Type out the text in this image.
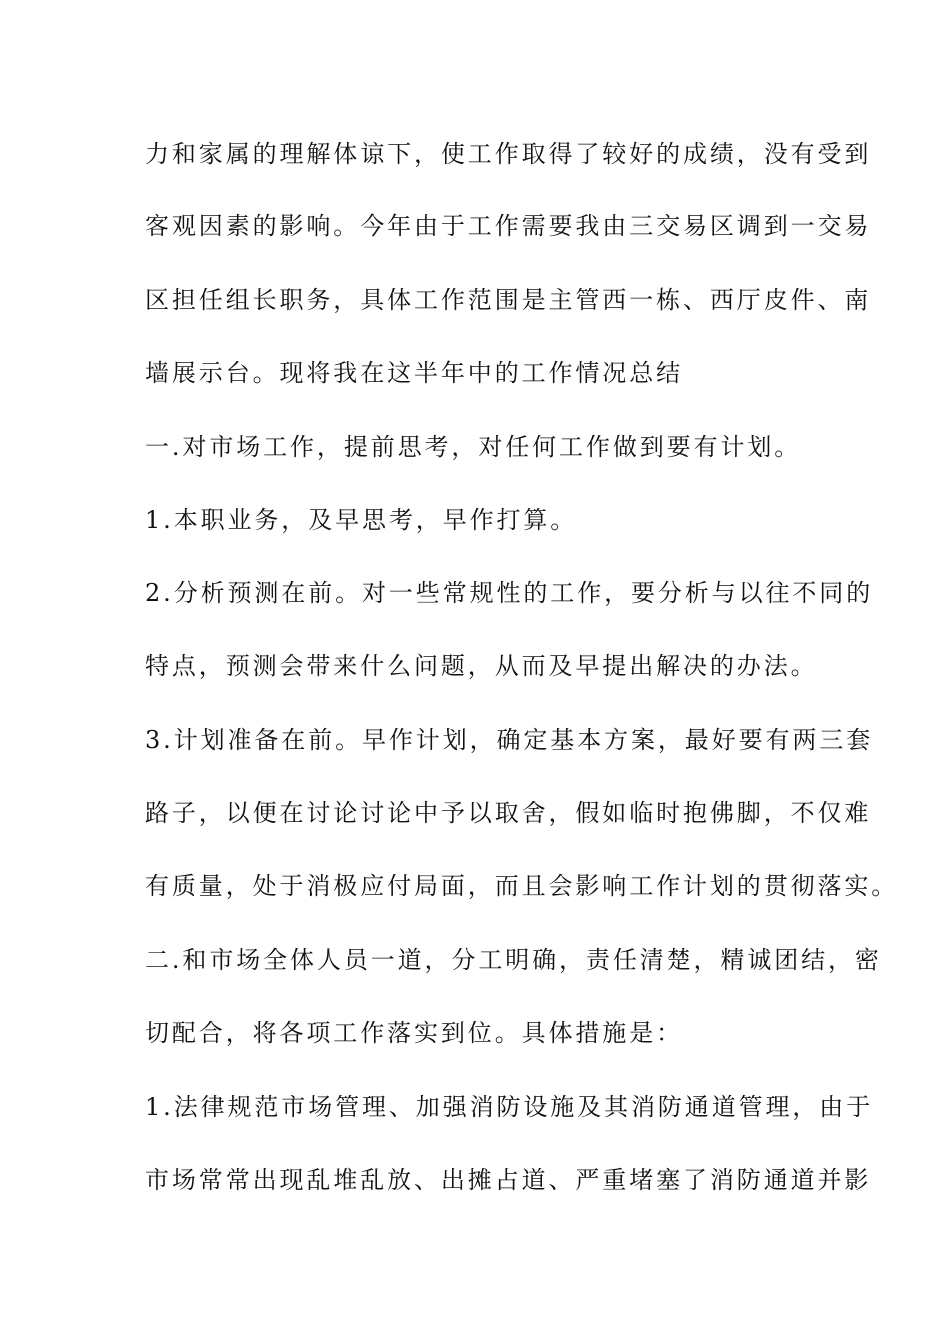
力和家属的理解体谅下，使工作取得了较好的成绩，没有受到
客观因素的影响。今年由于工作需要我由三交易区调到一交易
区担任组长职务，具体工作范围是主管西一栋、西厅皮件、南
墙展示台。现将我在这半年中的工作情况总结
一.对市场工作，提前思考，对任何工作做到要有计划。
1.本职业务，及早思考，早作打算。
2.分析预测在前。对一些常规性的工作，要分析与以往不同的
特点，预测会带来什么问题，从而及早提出解决的办法。
3.计划准备在前。早作计划，确定基本方案，最好要有两三套
路子，以便在讨论讨论中予以取舍，假如临时抱佛脚，不仅难
有质量，处于消极应付局面，而且会影响工作计划的贯彻落实。
二.和市场全体人员一道，分工明确，责任清楚，精诚团结，密
切配合，将各项工作落实到位。具体措施是：
1.法律规范市场管理、加强消防设施及其消防通道管理，由于
市场常常出现乱堆乱放、出摊占道、严重堵塞了消防通道并影
